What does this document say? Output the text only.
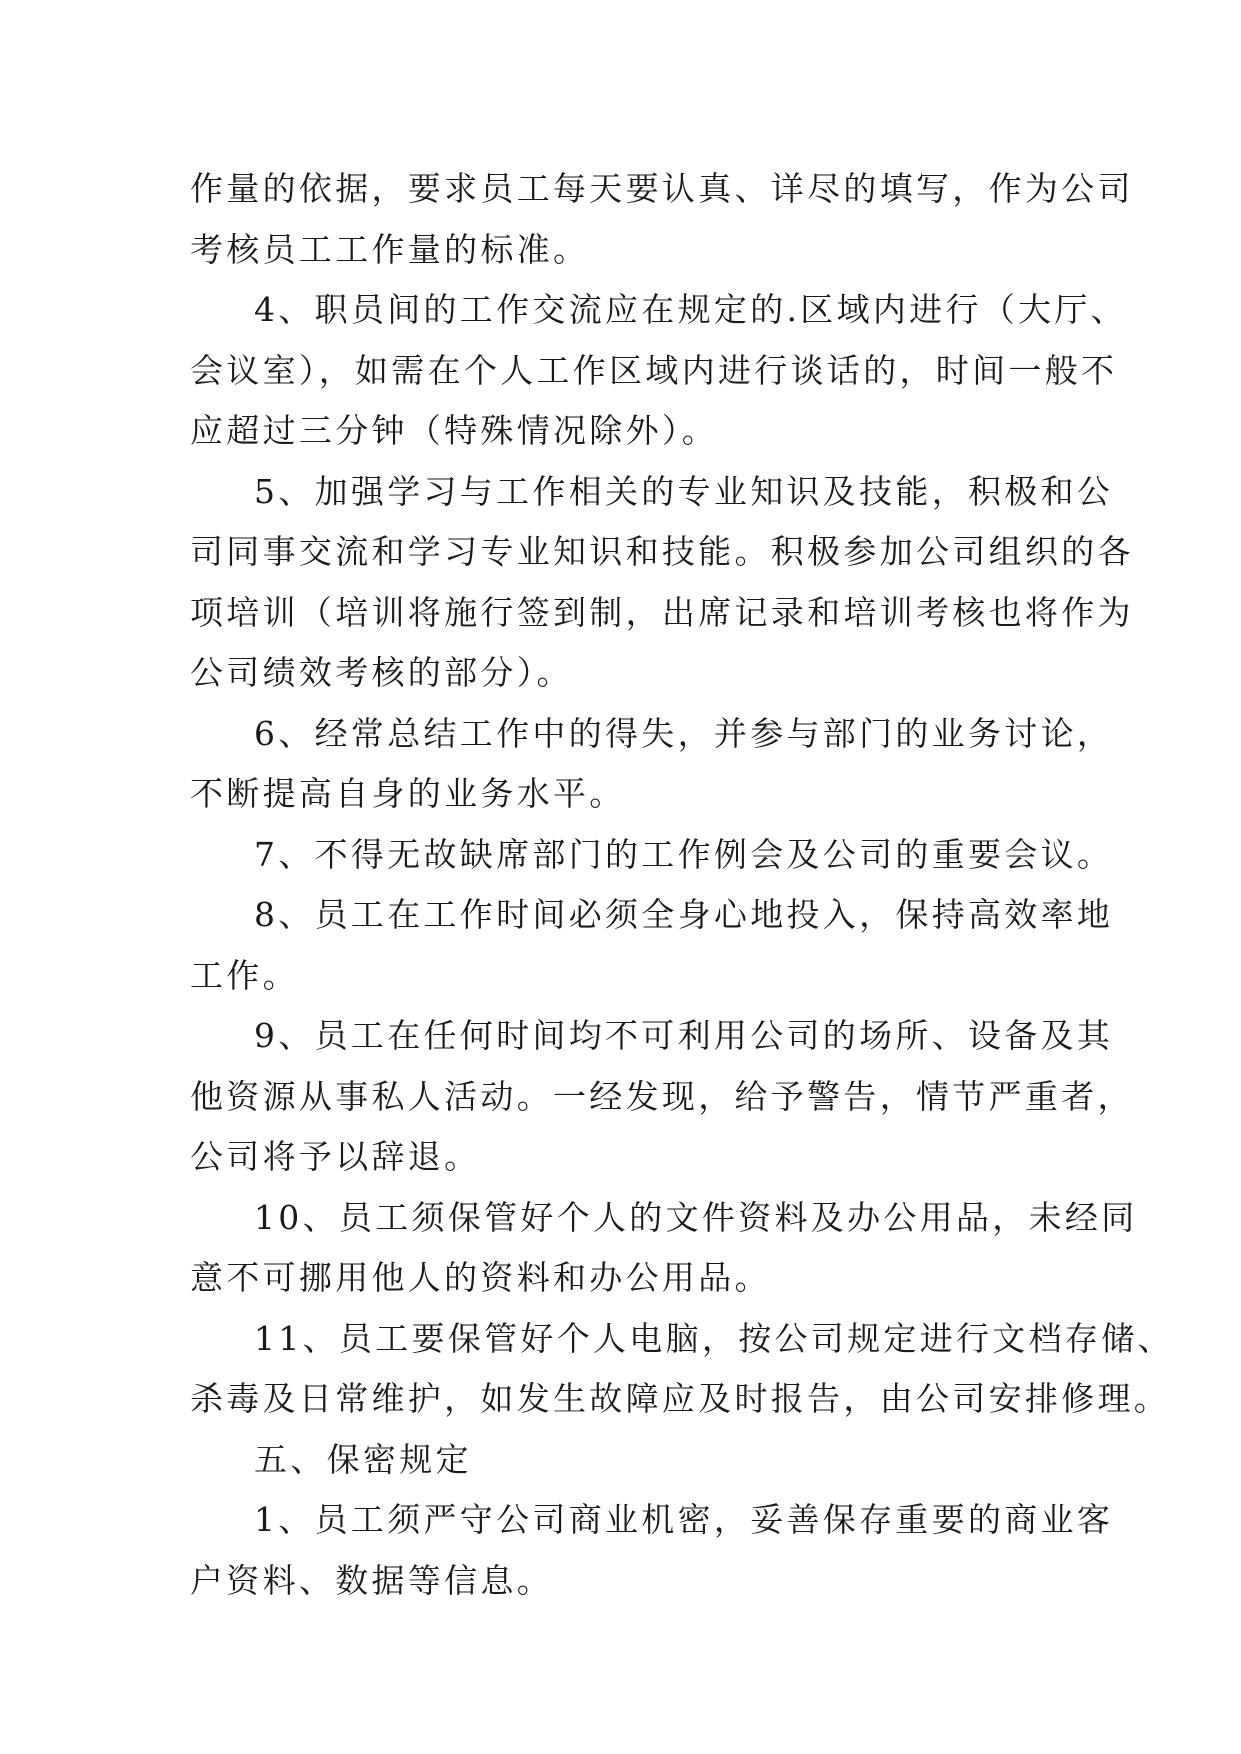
作量的依据，要求员工每天要认真、详尽的填写，作为公司
考核员工工作量的标准。
4、职员间的工作交流应在规定的.区域内进行（大厅、
会议室），如需在个人工作区域内进行谈话的，时间一般不
应超过三分钟（特殊情况除外）。
5、加强学习与工作相关的专业知识及技能，积极和公
司同事交流和学习专业知识和技能。积极参加公司组织的各
项培训（培训将施行签到制，出席记录和培训考核也将作为
公司绩效考核的部分）。
6、经常总结工作中的得失，并参与部门的业务讨论，
不断提高自身的业务水平。
7、不得无故缺席部门的工作例会及公司的重要会议。
8、员工在工作时间必须全身心地投入，保持高效率地
工作。
9、员工在任何时间均不可利用公司的场所、设备及其
他资源从事私人活动。一经发现，给予警告，情节严重者，
公司将予以辞退。
10、员工须保管好个人的文件资料及办公用品，未经同
意不可挪用他人的资料和办公用品。
11、员工要保管好个人电脑，按公司规定进行文档存储、
杀毒及日常维护，如发生故障应及时报告，由公司安排修理。
五、保密规定
1、员工须严守公司商业机密，妥善保存重要的商业客
户资料、数据等信息。
